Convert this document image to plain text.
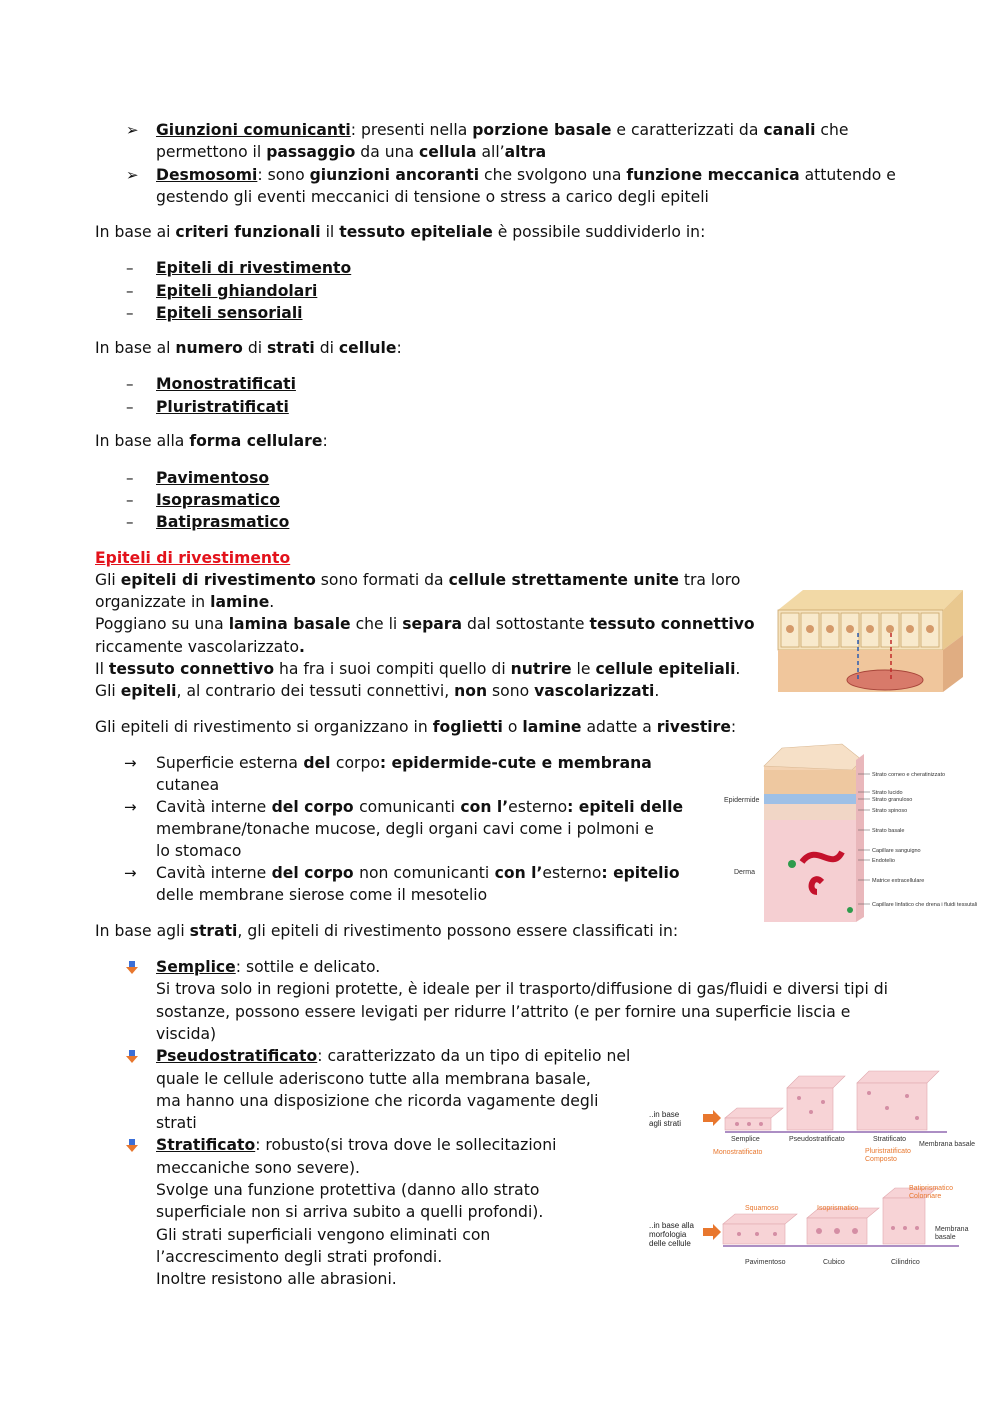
➢ Giunzioni comunicanti: presenti nella porzione basale e caratterizzati da canali che
permettono il passaggio da una cellula all’altra
➢ Desmosomi: sono giunzioni ancoranti che svolgono una funzione meccanica attutendo e
gestendo gli eventi meccanici di tensione o stress a carico degli epiteli
In base ai criteri funzionali il tessuto epiteliale è possibile suddividerlo in:
– Epiteli di rivestimento
– Epiteli ghiandolari
– Epiteli sensoriali
In base al numero di strati di cellule:
– Monostratificati
– Pluristratificati
In base alla forma cellulare:
– Pavimentoso
– Isoprasmatico
– Batiprasmatico
Epiteli di rivestimento
Gli epiteli di rivestimento sono formati da cellule strettamente unite tra loro
organizzate in lamine.
Poggiano su una lamina basale che li separa dal sottostante tessuto connettivo
riccamente vascolarizzato.
Il tessuto connettivo ha fra i suoi compiti quello di nutrire le cellule epiteliali.
Gli epiteli, al contrario dei tessuti connettivi, non sono vascolarizzati.
Gli epiteli di rivestimento si organizzano in foglietti o lamine adatte a rivestire:
→ Superficie esterna del corpo: epidermide-cute e membrana
cutanea
→ Cavità interne del corpo comunicanti con l’esterno: epiteli delle
membrane/tonache mucose, degli organi cavi come i polmoni e
lo stomaco
→ Cavità interne del corpo non comunicanti con l’esterno: epitelio
delle membrane sierose come il mesotelio
In base agli strati, gli epiteli di rivestimento possono essere classificati in:
Semplice: sottile e delicato.
Si trova solo in regioni protette, è ideale per il trasporto/diffusione di gas/fluidi e diversi tipi di
sostanze, possono essere levigati per ridurre l’attrito (e per fornire una superficie liscia e
viscida)
Pseudostratificato: caratterizzato da un tipo di epitelio nel
quale le cellule aderiscono tutte alla membrana basale,
ma hanno una disposizione che ricorda vagamente degli
strati
Stratificato: robusto(si trova dove le sollecitazioni
meccaniche sono severe).
Svolge una funzione protettiva (danno allo strato
superficiale non si arriva subito a quelli profondi).
Gli strati superficiali vengono eliminati con
l’accrescimento degli strati profondi.
Inoltre resistono alle abrasioni.
Epidermide
Derma
Strato corneo e cheratinizzato
Strato lucido
Strato granuloso
Strato spinoso
Strato basale
Capillare sanguigno
Endotelio
Matrice extracellulare
Capillare linfatico che drena i fluidi tessutali
..in base
agli strati
Semplice	Pseudostratificato	Stratificato
Membrana basale
Monostratificato	Pluristratificato
Composto
..in base alla
morfologia
delle cellule
Squamoso	Isoprismatico
Batiprismatico
Colonnare
Pavimentoso	Cubico	Cilindrico
Membrana
basale
